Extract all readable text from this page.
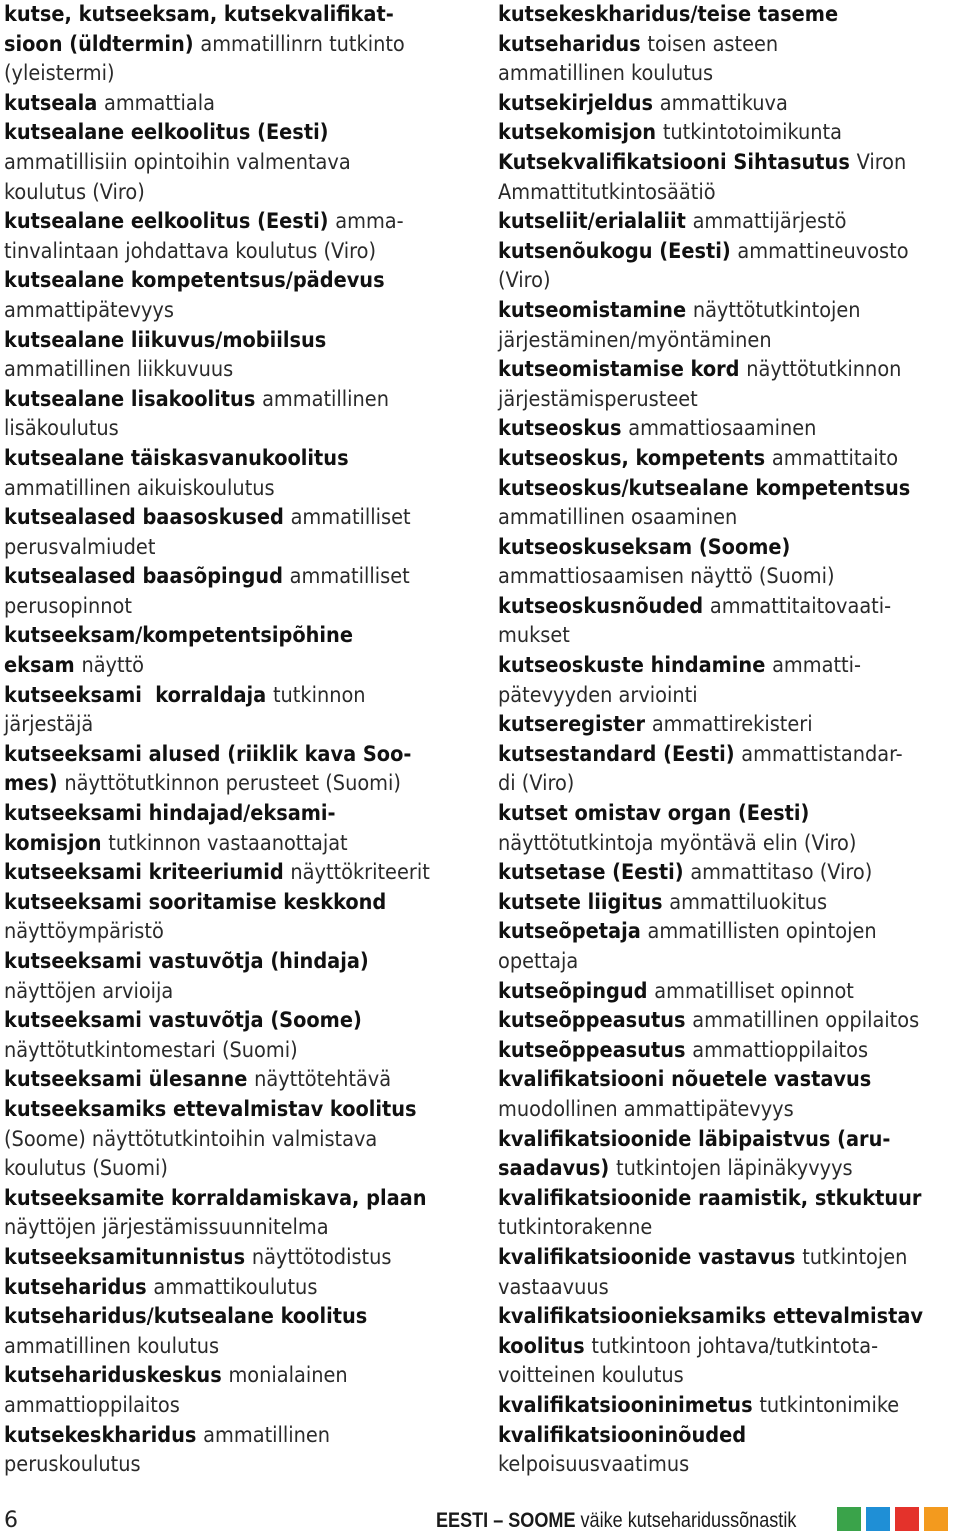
kutse, kutseeksam, kutsekvalifikat-
sioon (üldtermin) ammatillinrn tutkinto
(yleistermi)
kutseala ammattiala
kutsealane eelkoolitus (Eesti)
ammatillisiin opintoihin valmentava
koulutus (Viro)
kutsealane eelkoolitus (Eesti) amma-
tinvalintaan johdattava koulutus (Viro)
kutsealane kompetentsus/pädevus
ammattipätevyys
kutsealane liikuvus/mobiilsus
ammatillinen liikkuvuus
kutsealane lisakoolitus ammatillinen
lisäkoulutus
kutsealane täiskasvanukoolitus
ammatillinen aikuiskoulutus
kutsealased baasoskused ammatilliset
perusvalmiudet
kutsealased baasõpingud ammatilliset
perusopinnot
kutseeksam/kompetentsipõhine
eksam näyttö
kutseeksami  korraldaja tutkinnon
järjestäjä
kutseeksami alused (riiklik kava Soo-
mes) näyttötutkinnon perusteet (Suomi)
kutseeksami hindajad/eksami-
komisjon tutkinnon vastaanottajat
kutseeksami kriteeriumid näyttökriteerit
kutseeksami sooritamise keskkond
näyttöympäristö
kutseeksami vastuvõtja (hindaja)
näyttöjen arvioija
kutseeksami vastuvõtja (Soome)
näyttötutkintomestari (Suomi)
kutseeksami ülesanne näyttötehtävä
kutseeksamiks ettevalmistav koolitus
(Soome) näyttötutkintoihin valmistava
koulutus (Suomi)
kutseeksamite korraldamiskava, plaan
näyttöjen järjestämissuunnitelma
kutseeksamitunnistus näyttötodistus
kutseharidus ammattikoulutus
kutseharidus/kutsealane koolitus
ammatillinen koulutus
kutsehariduskeskus monialainen
ammattioppilaitos
kutsekeskharidus ammatillinen
peruskoulutus
kutsekeskharidus/teise taseme
kutseharidus toisen asteen
ammatillinen koulutus
kutsekirjeldus ammattikuva
kutsekomisjon tutkintotoimikunta
Kutsekvalifikatsiooni Sihtasutus Viron
Ammattitutkintosäätiö
kutseliit/erialaliit ammattijärjestö
kutsenõukogu (Eesti) ammattineuvosto
(Viro)
kutseomistamine näyttötutkintojen
järjestäminen/myöntäminen
kutseomistamise kord näyttötutkinnon
järjestämisperusteet
kutseoskus ammattiosaaminen
kutseoskus, kompetents ammattitaito
kutseoskus/kutsealane kompetentsus
ammatillinen osaaminen
kutseoskuseksam (Soome)
ammattiosaamisen näyttö (Suomi)
kutseoskusnõuded ammattitaitovaati-
mukset
kutseoskuste hindamine ammatti-
pätevyyden arviointi
kutseregister ammattirekisteri
kutsestandard (Eesti) ammattistandar-
di (Viro)
kutset omistav organ (Eesti)
näyttötutkintoja myöntävä elin (Viro)
kutsetase (Eesti) ammattitaso (Viro)
kutsete liigitus ammattiluokitus
kutseõpetaja ammatillisten opintojen
opettaja
kutseõpingud ammatilliset opinnot
kutseõppeasutus ammatillinen oppilaitos
kutseõppeasutus ammattioppilaitos
kvalifikatsiooni nõuetele vastavus
muodollinen ammattipätevyys
kvalifikatsioonide läbipaistvus (aru-
saadavus) tutkintojen läpinäkyvyys
kvalifikatsioonide raamistik, stkuktuur
tutkintorakenne
kvalifikatsioonide vastavus tutkintojen
vastaavuus
kvalifikatsioonieksamiks ettevalmistav
koolitus tutkintoon johtava/tutkintota-
voitteinen koulutus
kvalifikatsiooninimetus tutkintonimike
kvalifikatsiooninõuded
kelpoisuusvaatimus
6	EESTI – SOOME väike kutseharidussõnastik
